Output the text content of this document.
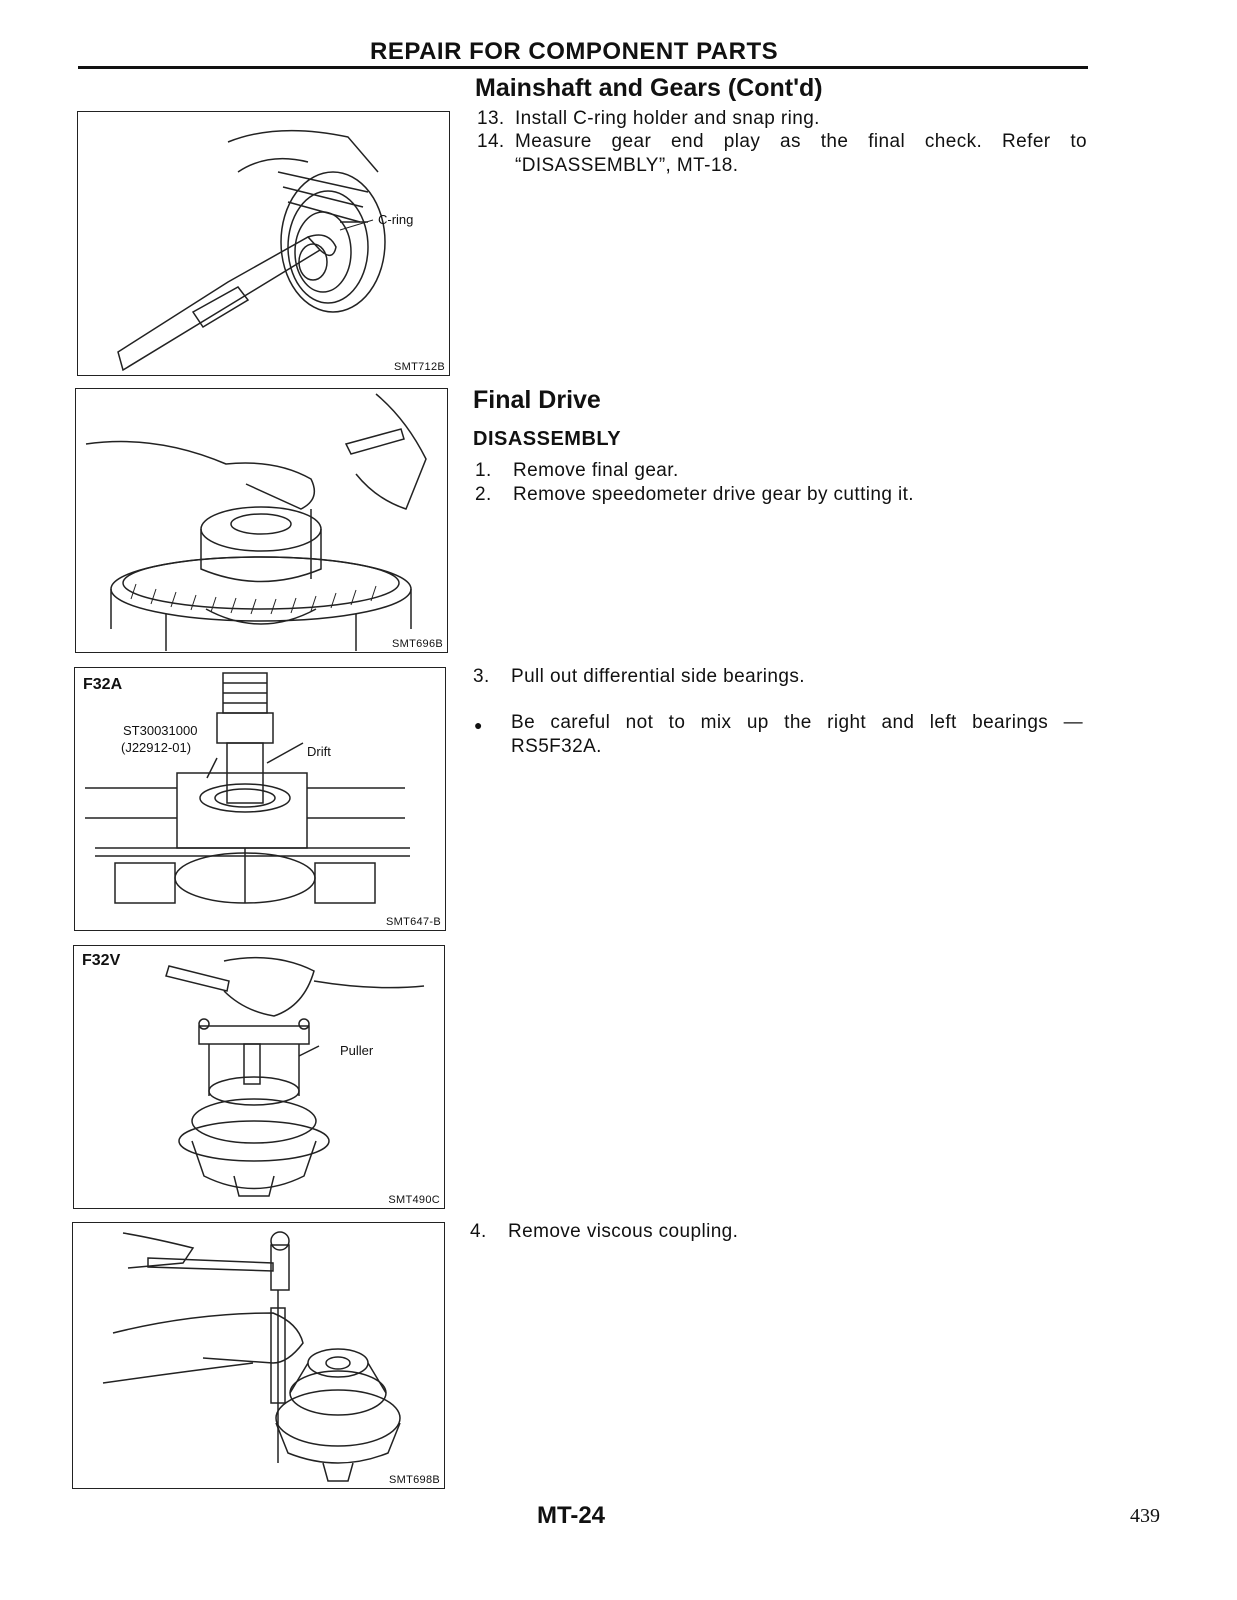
REPAIR FOR COMPONENT PARTS
Mainshaft and Gears (Cont'd)
13. Install C-ring holder and snap ring.
14. Measure gear end play as the final check. Refer to
“DISASSEMBLY”, MT-18.
Final Drive
DISASSEMBLY
1. Remove final gear.
2. Remove speedometer drive gear by cutting it.
3. Pull out differential side bearings.
● Be careful not to mix up the right and left bearings —
RS5F32A.
4. Remove viscous coupling.
C-ring
SMT712B
SMT696B
F32A
ST30031000
(J22912-01)	Drift
SMT647-B
F32V
Puller
SMT490C
SMT698B
MT-24	439
